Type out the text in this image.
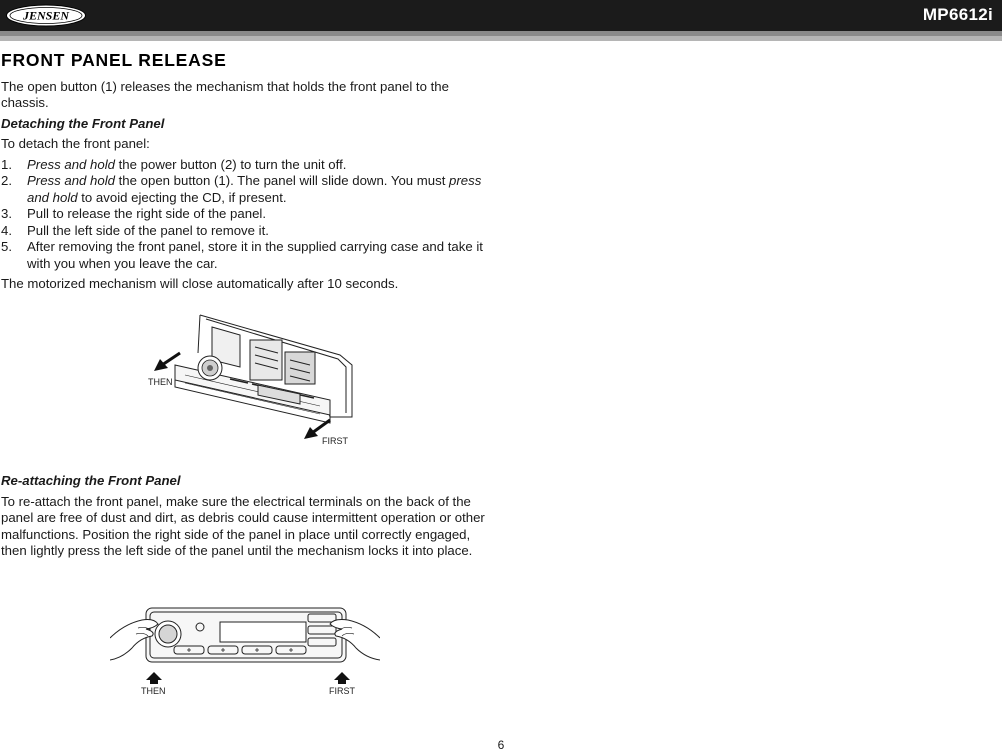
JENSEN	MP6612i
FRONT PANEL RELEASE

The open button (1) releases the mechanism that holds the front panel to the chassis.

Detaching the Front Panel

To detach the front panel:

1. Press and hold the power button (2) to turn the unit off.
2. Press and hold the open button (1). The panel will slide down. You must press and hold to avoid ejecting the CD, if present.
3. Pull to release the right side of the panel.
4. Pull the left side of the panel to remove it.
5. After removing the front panel, store it in the supplied carrying case and take it with you when you leave the car.

The motorized mechanism will close automatically after 10 seconds.

THEN
FIRST

Re-attaching the Front Panel

To re-attach the front panel, make sure the electrical terminals on the back of the panel are free of dust and dirt, as debris could cause intermittent operation or other malfunctions. Position the right side of the panel in place until correctly engaged, then lightly press the left side of the panel until the mechanism locks it into place.

THEN	FIRST
6
